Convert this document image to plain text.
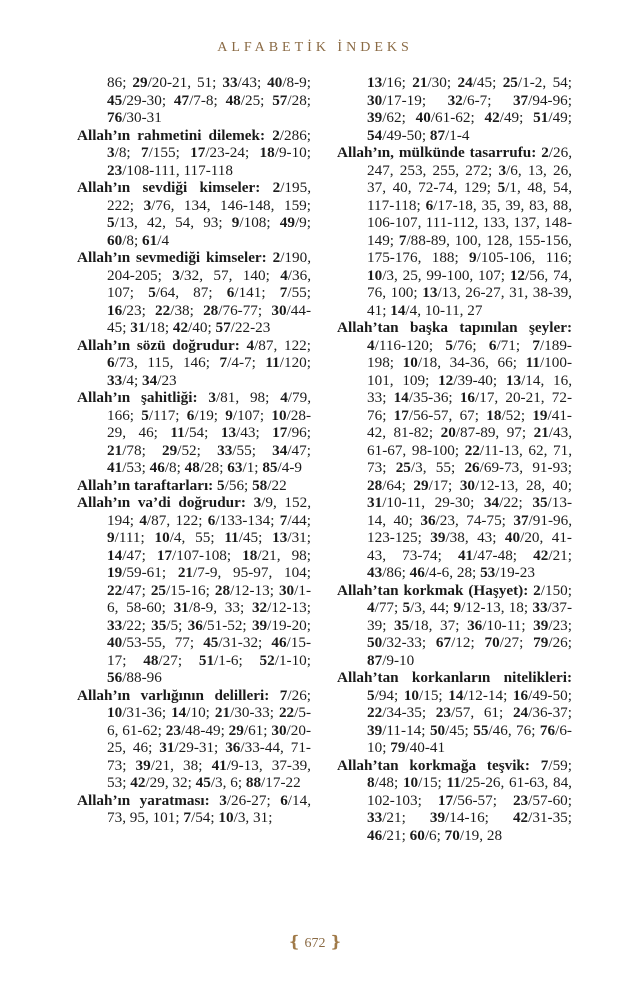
ALFABETİK İNDEKS
86; 29/20-21, 51; 33/43; 40/8-9; 45/29-30; 47/7-8; 48/25; 57/28; 76/30-31
Allah’ın rahmetini dilemek: 2/286; 3/8; 7/155; 17/23-24; 18/9-10; 23/108-111, 117-118
Allah’ın sevdiği kimseler: 2/195, 222; 3/76, 134, 146-148, 159; 5/13, 42, 54, 93; 9/108; 49/9; 60/8; 61/4
Allah’ın sevmediği kimseler: 2/190, 204-205; 3/32, 57, 140; 4/36, 107; 5/64, 87; 6/141; 7/55; 16/23; 22/38; 28/76-77; 30/44-45; 31/18; 42/40; 57/22-23
Allah’ın sözü doğrudur: 4/87, 122; 6/73, 115, 146; 7/4-7; 11/120; 33/4; 34/23
Allah’ın şahitliği: 3/81, 98; 4/79, 166; 5/117; 6/19; 9/107; 10/28-29, 46; 11/54; 13/43; 17/96; 21/78; 29/52; 33/55; 34/47; 41/53; 46/8; 48/28; 63/1; 85/4-9
Allah’ın taraftarları: 5/56; 58/22
Allah’ın va’di doğrudur: 3/9, 152, 194; 4/87, 122; 6/133-134; 7/44; 9/111; 10/4, 55; 11/45; 13/31; 14/47; 17/107-108; 18/21, 98; 19/59-61; 21/7-9, 95-97, 104; 22/47; 25/15-16; 28/12-13; 30/1-6, 58-60; 31/8-9, 33; 32/12-13; 33/22; 35/5; 36/51-52; 39/19-20; 40/53-55, 77; 45/31-32; 46/15-17; 48/27; 51/1-6; 52/1-10; 56/88-96
Allah’ın varlığının delilleri: 7/26; 10/31-36; 14/10; 21/30-33; 22/5-6, 61-62; 23/48-49; 29/61; 30/20-25, 46; 31/29-31; 36/33-44, 71-73; 39/21, 38; 41/9-13, 37-39, 53; 42/29, 32; 45/3, 6; 88/17-22
Allah’ın yaratması: 3/26-27; 6/14, 73, 95, 101; 7/54; 10/3, 31;
13/16; 21/30; 24/45; 25/1-2, 54; 30/17-19; 32/6-7; 37/94-96; 39/62; 40/61-62; 42/49; 51/49; 54/49-50; 87/1-4
Allah’ın, mülkünde tasarrufu: 2/26, 247, 253, 255, 272; 3/6, 13, 26, 37, 40, 72-74, 129; 5/1, 48, 54, 117-118; 6/17-18, 35, 39, 83, 88, 106-107, 111-112, 133, 137, 148-149; 7/88-89, 100, 128, 155-156, 175-176, 188; 9/105-106, 116; 10/3, 25, 99-100, 107; 12/56, 74, 76, 100; 13/13, 26-27, 31, 38-39, 41; 14/4, 10-11, 27
Allah’tan başka tapınılan şeyler: 4/116-120; 5/76; 6/71; 7/189-198; 10/18, 34-36, 66; 11/100-101, 109; 12/39-40; 13/14, 16, 33; 14/35-36; 16/17, 20-21, 72-76; 17/56-57, 67; 18/52; 19/41-42, 81-82; 20/87-89, 97; 21/43, 61-67, 98-100; 22/11-13, 62, 71, 73; 25/3, 55; 26/69-73, 91-93; 28/64; 29/17; 30/12-13, 28, 40; 31/10-11, 29-30; 34/22; 35/13-14, 40; 36/23, 74-75; 37/91-96, 123-125; 39/38, 43; 40/20, 41-43, 73-74; 41/47-48; 42/21; 43/86; 46/4-6, 28; 53/19-23
Allah’tan korkmak (Haşyet): 2/150; 4/77; 5/3, 44; 9/12-13, 18; 33/37-39; 35/18, 37; 36/10-11; 39/23; 50/32-33; 67/12; 70/27; 79/26; 87/9-10
Allah’tan korkanların nitelikleri: 5/94; 10/15; 14/12-14; 16/49-50; 22/34-35; 23/57, 61; 24/36-37; 39/11-14; 50/45; 55/46, 76; 76/6-10; 79/40-41
Allah’tan korkmağa teşvik: 7/59; 8/48; 10/15; 11/25-26, 61-63, 84, 102-103; 17/56-57; 23/57-60; 33/21; 39/14-16; 42/31-35; 46/21; 60/6; 70/19, 28
❴ 672 ❵
